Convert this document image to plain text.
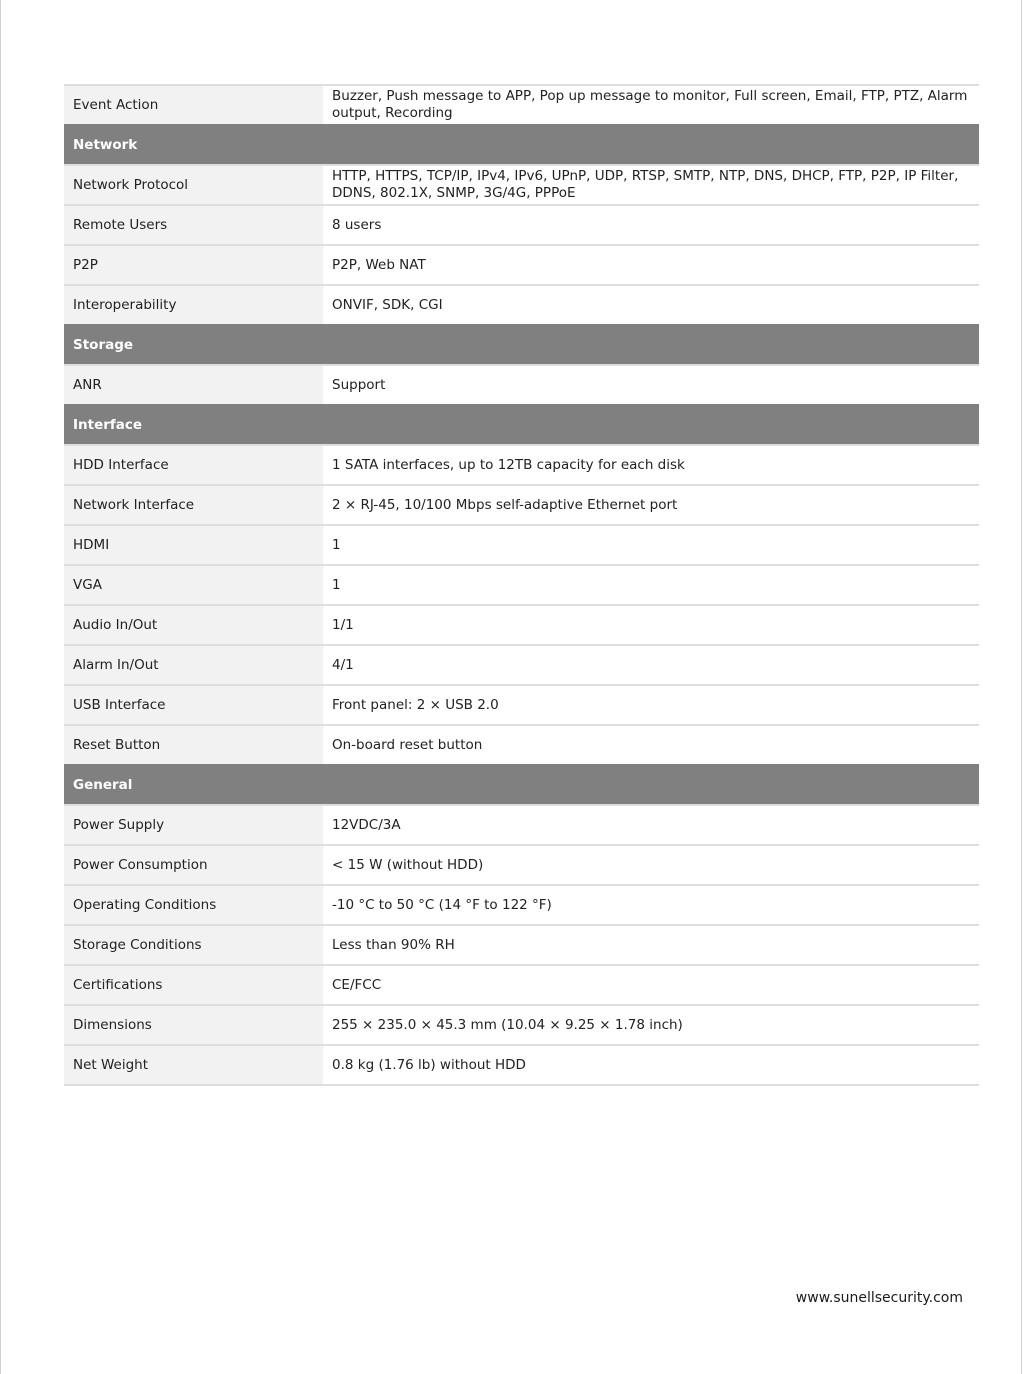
Event Action	Buzzer, Push message to APP, Pop up message to monitor, Full screen, Email, FTP, PTZ, Alarm output, Recording
Network	
Network Protocol	HTTP, HTTPS, TCP/IP, IPv4, IPv6, UPnP, UDP, RTSP, SMTP, NTP, DNS, DHCP, FTP, P2P, IP Filter, DDNS, 802.1X, SNMP, 3G/4G, PPPoE
Remote Users	8 users
P2P	P2P, Web NAT
Interoperability	ONVIF, SDK, CGI
Storage	
ANR	Support
Interface	
HDD Interface	1 SATA interfaces, up to 12TB capacity for each disk
Network Interface	2 × RJ-45, 10/100 Mbps self-adaptive Ethernet port
HDMI	1
VGA	1
Audio In/Out	1/1
Alarm In/Out	4/1
USB Interface	Front panel: 2 × USB 2.0
Reset Button	On-board reset button
General	
Power Supply	12VDC/3A
Power Consumption	< 15 W (without HDD)
Operating Conditions	-10 °C to 50 °C (14 °F to 122 °F)
Storage Conditions	Less than 90% RH
Certifications	CE/FCC
Dimensions	255 × 235.0 × 45.3 mm (10.04 × 9.25 × 1.78 inch)
Net Weight	0.8 kg (1.76 lb) without HDD
www.sunellsecurity.com
